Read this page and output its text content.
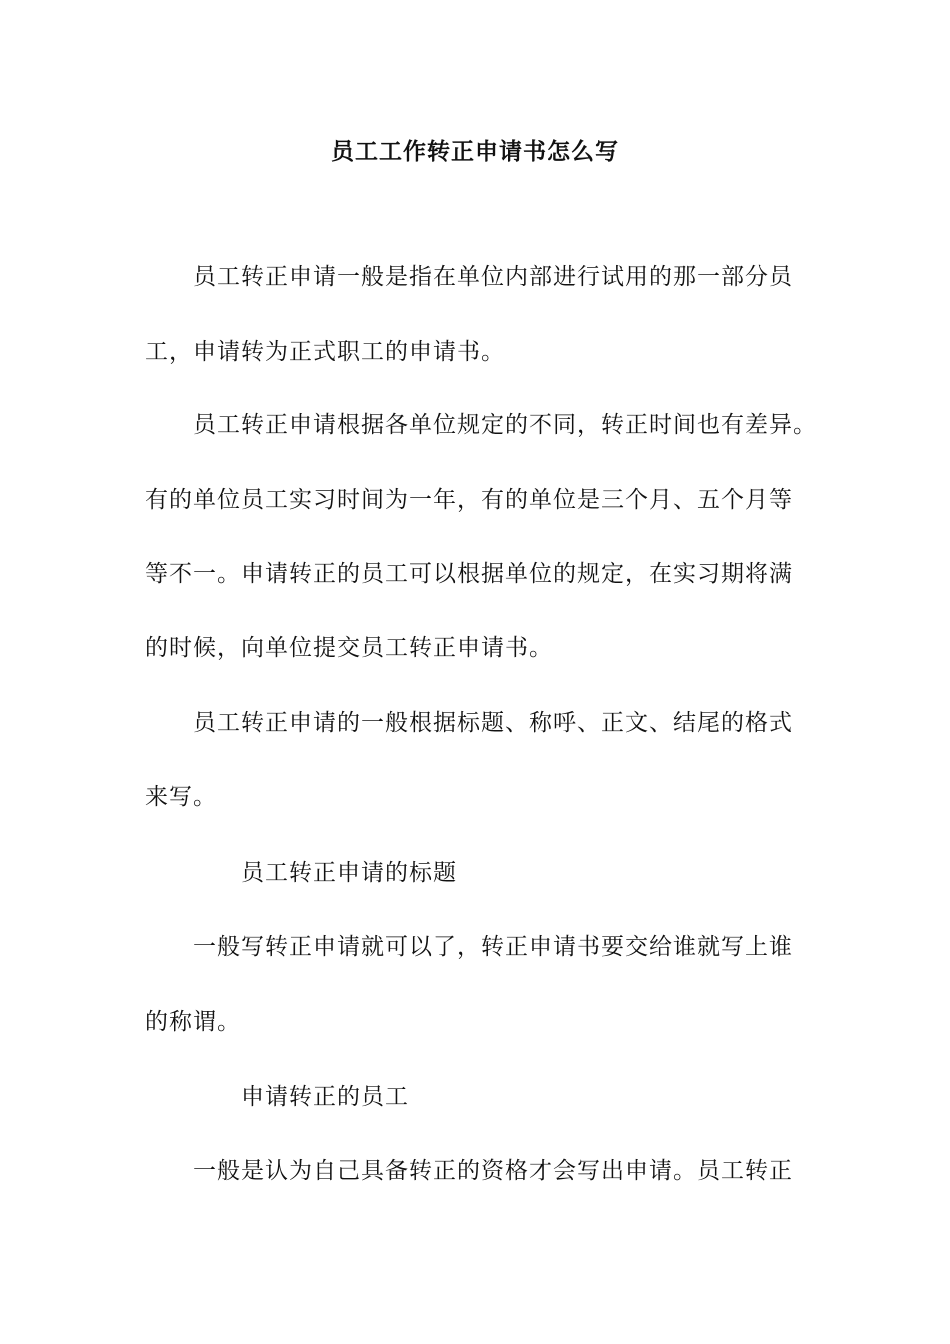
员工工作转正申请书怎么写
员工转正申请一般是指在单位内部进行试用的那一部分员
工，申请转为正式职工的申请书。
员工转正申请根据各单位规定的不同，转正时间也有差异。
有的单位员工实习时间为一年，有的单位是三个月、五个月等
等不一。申请转正的员工可以根据单位的规定，在实习期将满
的时候，向单位提交员工转正申请书。
员工转正申请的一般根据标题、称呼、正文、结尾的格式
来写。
员工转正申请的标题
一般写转正申请就可以了，转正申请书要交给谁就写上谁
的称谓。
申请转正的员工
一般是认为自己具备转正的资格才会写出申请。员工转正
